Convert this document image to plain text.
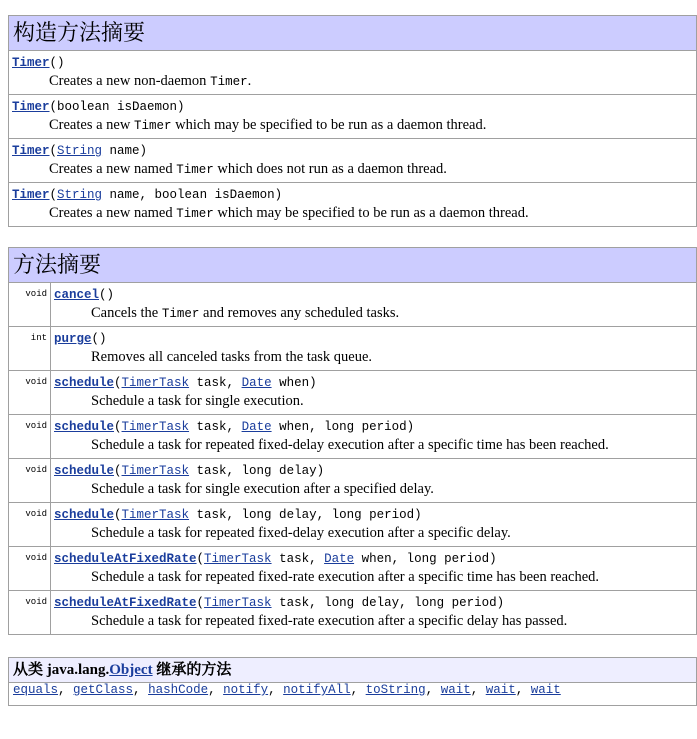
构造方法摘要

Timer()
Creates a new non-daemon Timer.

Timer(boolean isDaemon)
Creates a new Timer which may be specified to be run as a daemon thread.

Timer(String name)
Creates a new named Timer which does not run as a daemon thread.

Timer(String name, boolean isDaemon)
Creates a new named Timer which may be specified to be run as a daemon thread.
方法摘要	
void	cancel()
Cancels the Timer and removes any scheduled tasks.

int	purge()
Removes all canceled tasks from the task queue.

void	schedule(TimerTask task, Date when)
Schedule a task for single execution.

void	schedule(TimerTask task, Date when, long period)
Schedule a task for repeated fixed-delay execution after a specific time has been reached.

void	schedule(TimerTask task, long delay)
Schedule a task for single execution after a specified delay.

void	schedule(TimerTask task, long delay, long period)
Schedule a task for repeated fixed-delay execution after a specific delay.

void	scheduleAtFixedRate(TimerTask task, Date when, long period)
Schedule a task for repeated fixed-rate execution after a specific time has been reached.

void	scheduleAtFixedRate(TimerTask task, long delay, long period)
Schedule a task for repeated fixed-rate execution after a specific delay has passed.
从类 java.lang.Object 继承的方法
equals, getClass, hashCode, notify, notifyAll, toString, wait, wait, wait
